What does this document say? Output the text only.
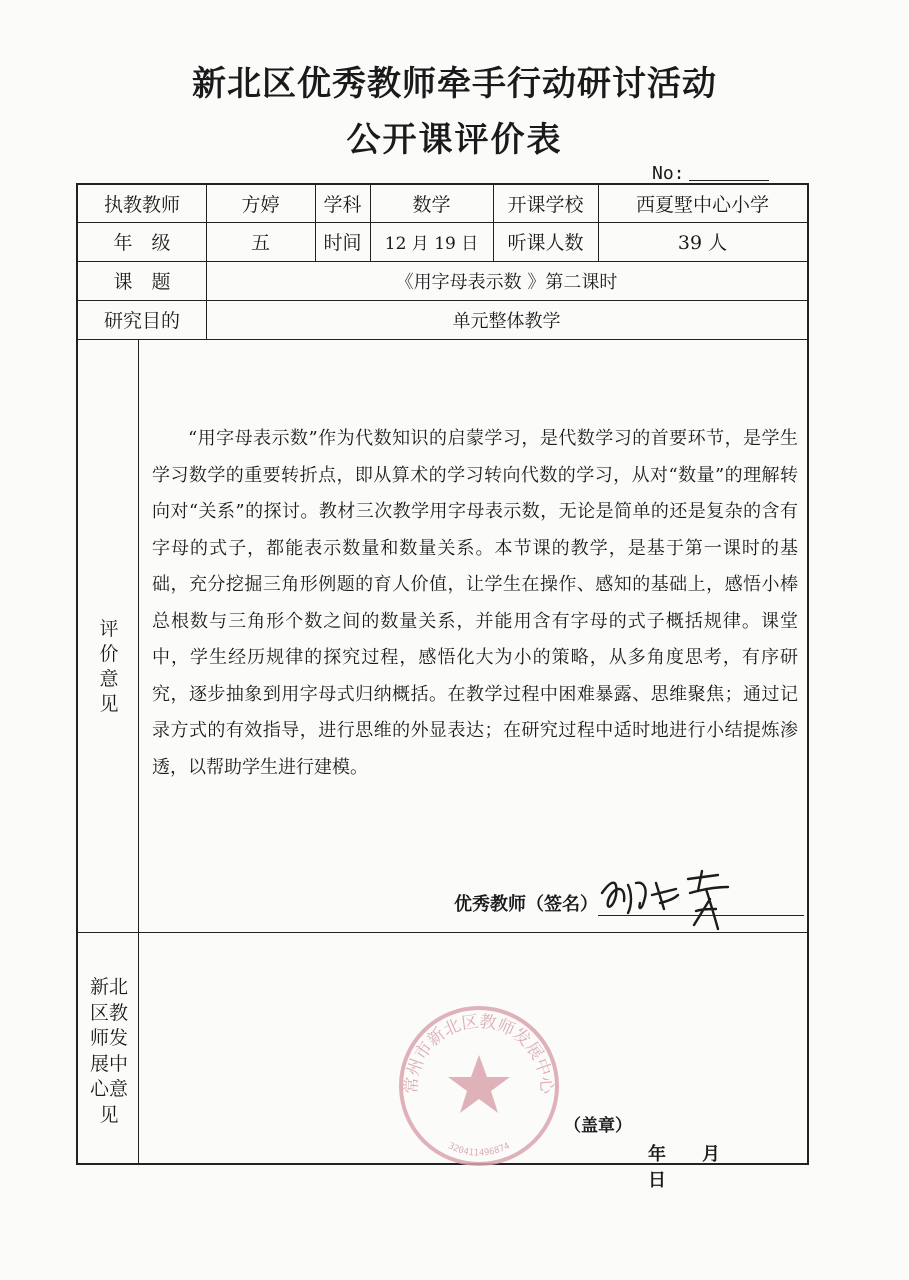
新北区优秀教师牵手行动研讨活动
公开课评价表
No:
执教教师	方婷	学科	数学	开课学校	西夏墅中心小学
年　级	五	时间	12 月 19 日	听课人数	39 人
课　题	《用字母表示数 》第二课时
研究目的	单元整体教学
评价意见

“用字母表示数”作为代数知识的启蒙学习，是代数学习的首要环节，是学生学习数学的重要转折点，即从算术的学习转向代数的学习，从对“数量”的理解转向对“关系”的探讨。教材三次教学用字母表示数，无论是简单的还是复杂的含有字母的式子，都能表示数量和数量关系。本节课的教学，是基于第一课时的基础，充分挖掘三角形例题的育人价值，让学生在操作、感知的基础上，感悟小棒总根数与三角形个数之间的数量关系，并能用含有字母的式子概括规律。课堂中，学生经历规律的探究过程，感悟化大为小的策略，从多角度思考，有序研究，逐步抽象到用字母式归纳概括。在教学过程中困难暴露、思维聚焦；通过记录方式的有效指导，进行思维的外显表达；在研究过程中适时地进行小结提炼渗透，以帮助学生进行建模。

优秀教师（签名）
新北区教师发展中心意见
常州市新北区教师发展中心
320411496874
（盖章）
年 月日
